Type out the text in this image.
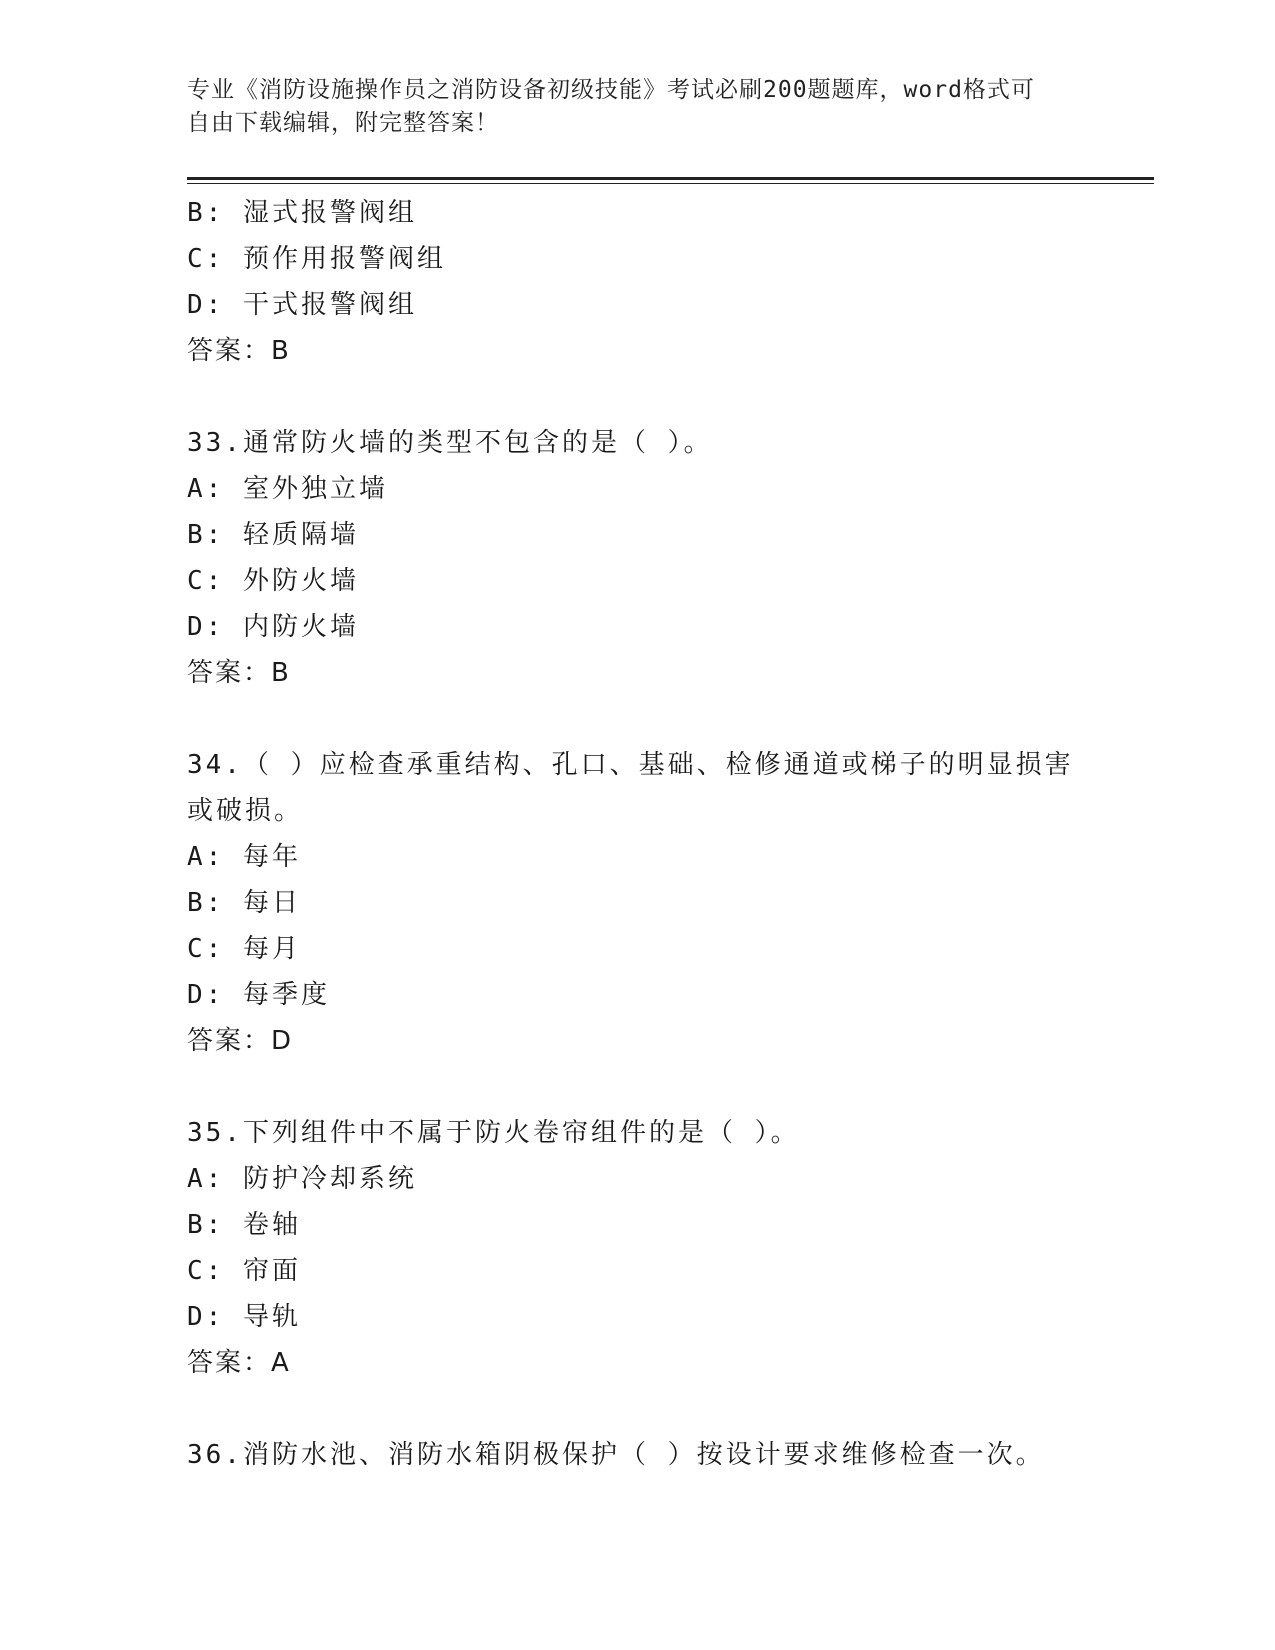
专业《消防设施操作员之消防设备初级技能》考试必刷200题题库，word格式可
自由下载编辑，附完整答案！
B: 湿式报警阀组
C: 预作用报警阀组
D: 干式报警阀组
答案：B
33.通常防火墙的类型不包含的是（ ）。
A: 室外独立墙
B: 轻质隔墙
C: 外防火墙
D: 内防火墙
答案：B
34.（ ）应检查承重结构、孔口、基础、检修通道或梯子的明显损害
或破损。
A: 每年
B: 每日
C: 每月
D: 每季度
答案：D
35.下列组件中不属于防火卷帘组件的是（ ）。
A: 防护冷却系统
B: 卷轴
C: 帘面
D: 导轨
答案：A
36.消防水池、消防水箱阴极保护（ ）按设计要求维修检查一次。
